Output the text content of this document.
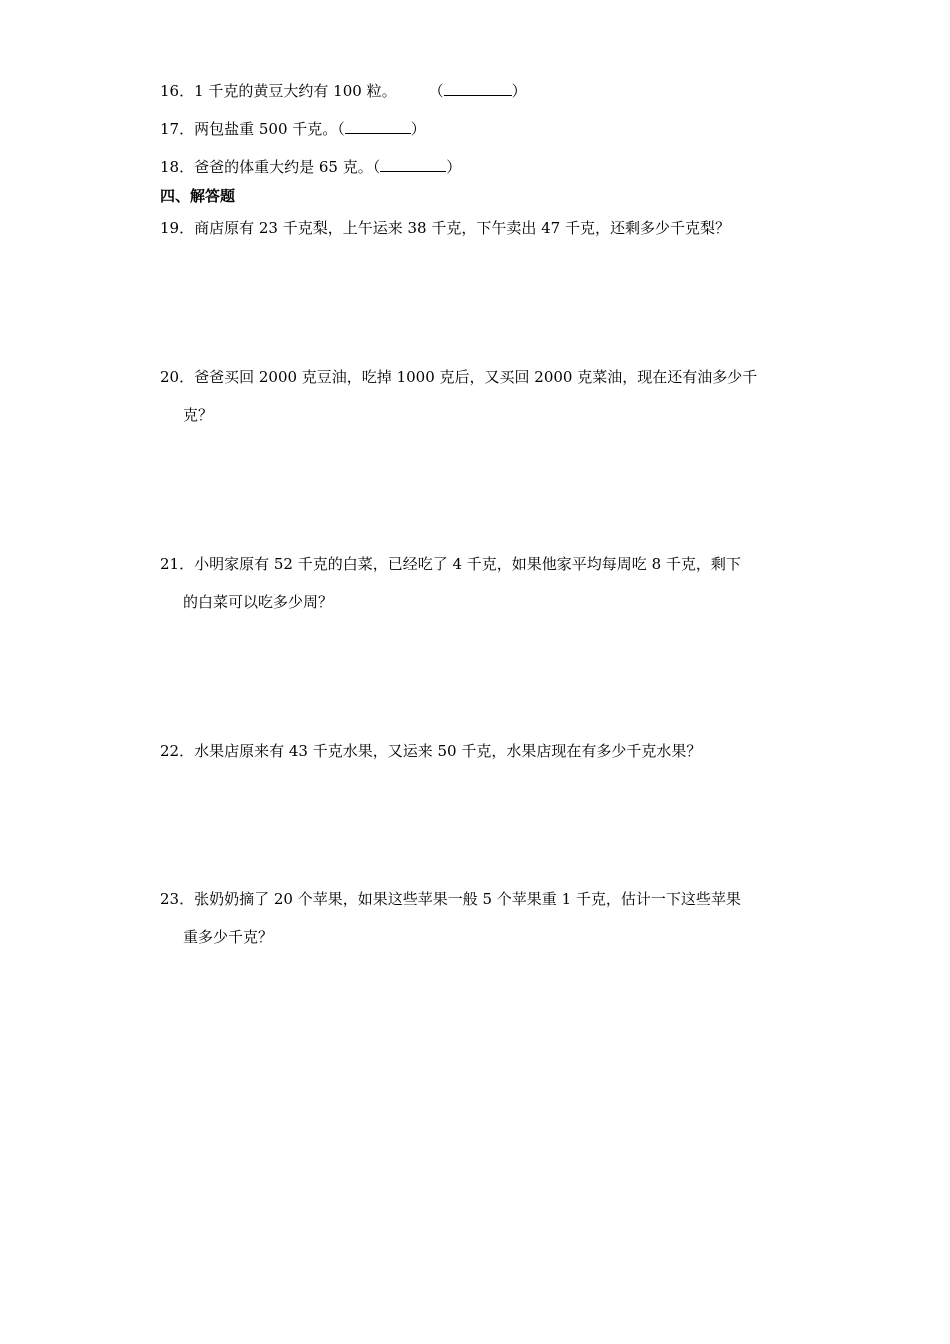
16．1 千克的黄豆大约有 100 粒。 （	）
17．两包盐重 500 千克。（	）
18．爸爸的体重大约是 65 克。（	）
四、解答题
19．商店原有 23 千克梨，上午运来 38 千克，下午卖出 47 千克，还剩多少千克梨？
20．爸爸买回 2000 克豆油，吃掉 1000 克后，又买回 2000 克菜油，现在还有油多少千
克？
21．小明家原有 52 千克的白菜，已经吃了 4 千克，如果他家平均每周吃 8 千克，剩下
的白菜可以吃多少周？
22．水果店原来有 43 千克水果，又运来 50 千克，水果店现在有多少千克水果？
23．张奶奶摘了 20 个苹果，如果这些苹果一般 5 个苹果重 1 千克，估计一下这些苹果
重多少千克？
